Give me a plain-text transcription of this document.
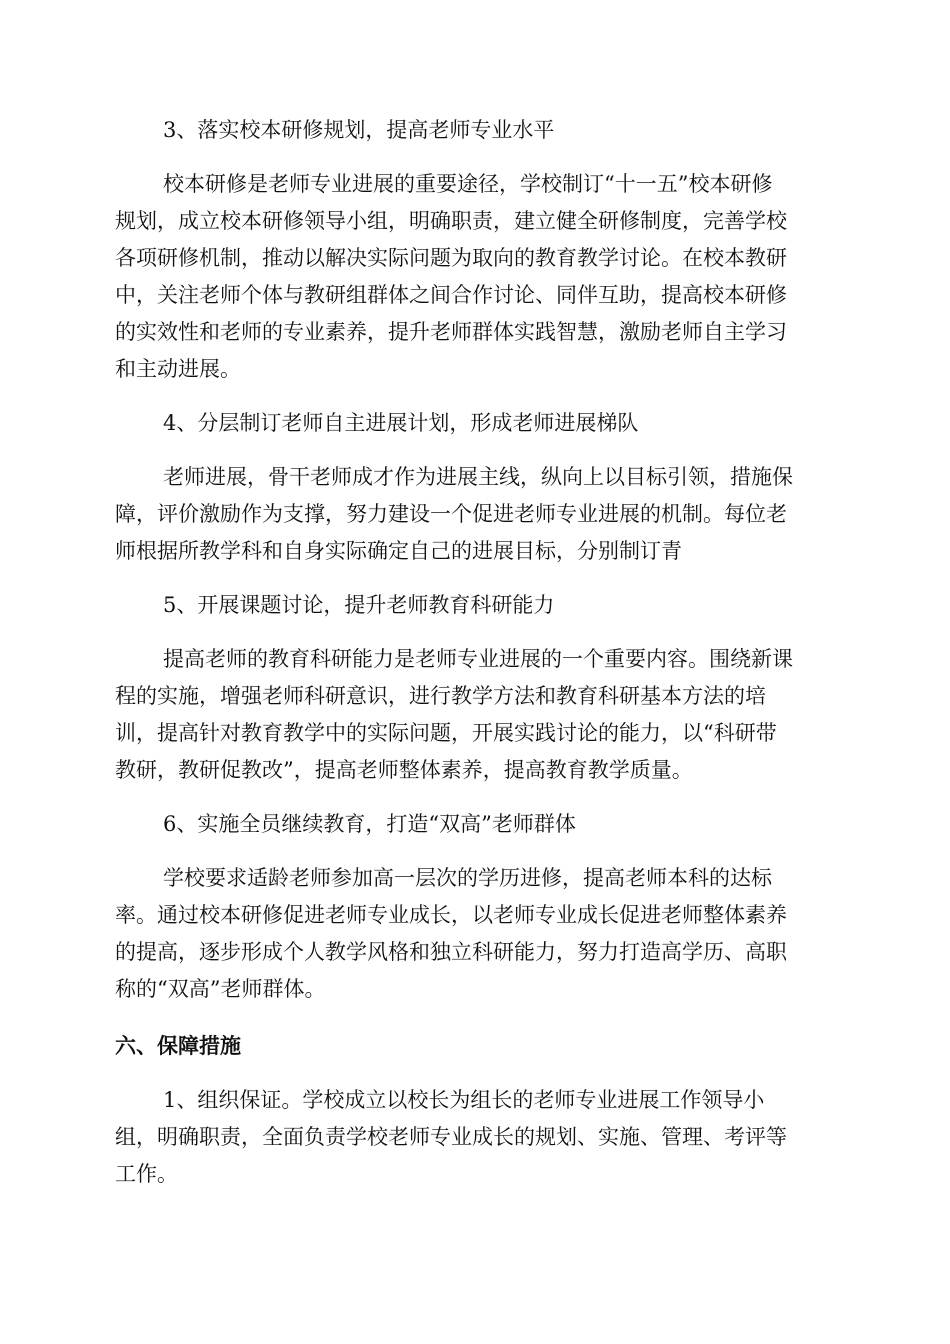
3、落实校本研修规划，提高老师专业水平

校本研修是老师专业进展的重要途径，学校制订“十一五”校本研修
规划，成立校本研修领导小组，明确职责，建立健全研修制度，完善学校
各项研修机制，推动以解决实际问题为取向的教育教学讨论。在校本教研
中，关注老师个体与教研组群体之间合作讨论、同伴互助，提高校本研修
的实效性和老师的专业素养，提升老师群体实践智慧，激励老师自主学习
和主动进展。

4、分层制订老师自主进展计划，形成老师进展梯队

老师进展，骨干老师成才作为进展主线，纵向上以目标引领，措施保
障，评价激励作为支撑，努力建设一个促进老师专业进展的机制。每位老
师根据所教学科和自身实际确定自己的进展目标，分别制订青

5、开展课题讨论，提升老师教育科研能力

提高老师的教育科研能力是老师专业进展的一个重要内容。围绕新课
程的实施，增强老师科研意识，进行教学方法和教育科研基本方法的培
训，提高针对教育教学中的实际问题，开展实践讨论的能力，以“科研带
教研，教研促教改”，提高老师整体素养，提高教育教学质量。

6、实施全员继续教育，打造“双高”老师群体

学校要求适龄老师参加高一层次的学历进修，提高老师本科的达标
率。通过校本研修促进老师专业成长，以老师专业成长促进老师整体素养
的提高，逐步形成个人教学风格和独立科研能力，努力打造高学历、高职
称的“双高”老师群体。

六、保障措施

1、组织保证。学校成立以校长为组长的老师专业进展工作领导小
组，明确职责，全面负责学校老师专业成长的规划、实施、管理、考评等
工作。
